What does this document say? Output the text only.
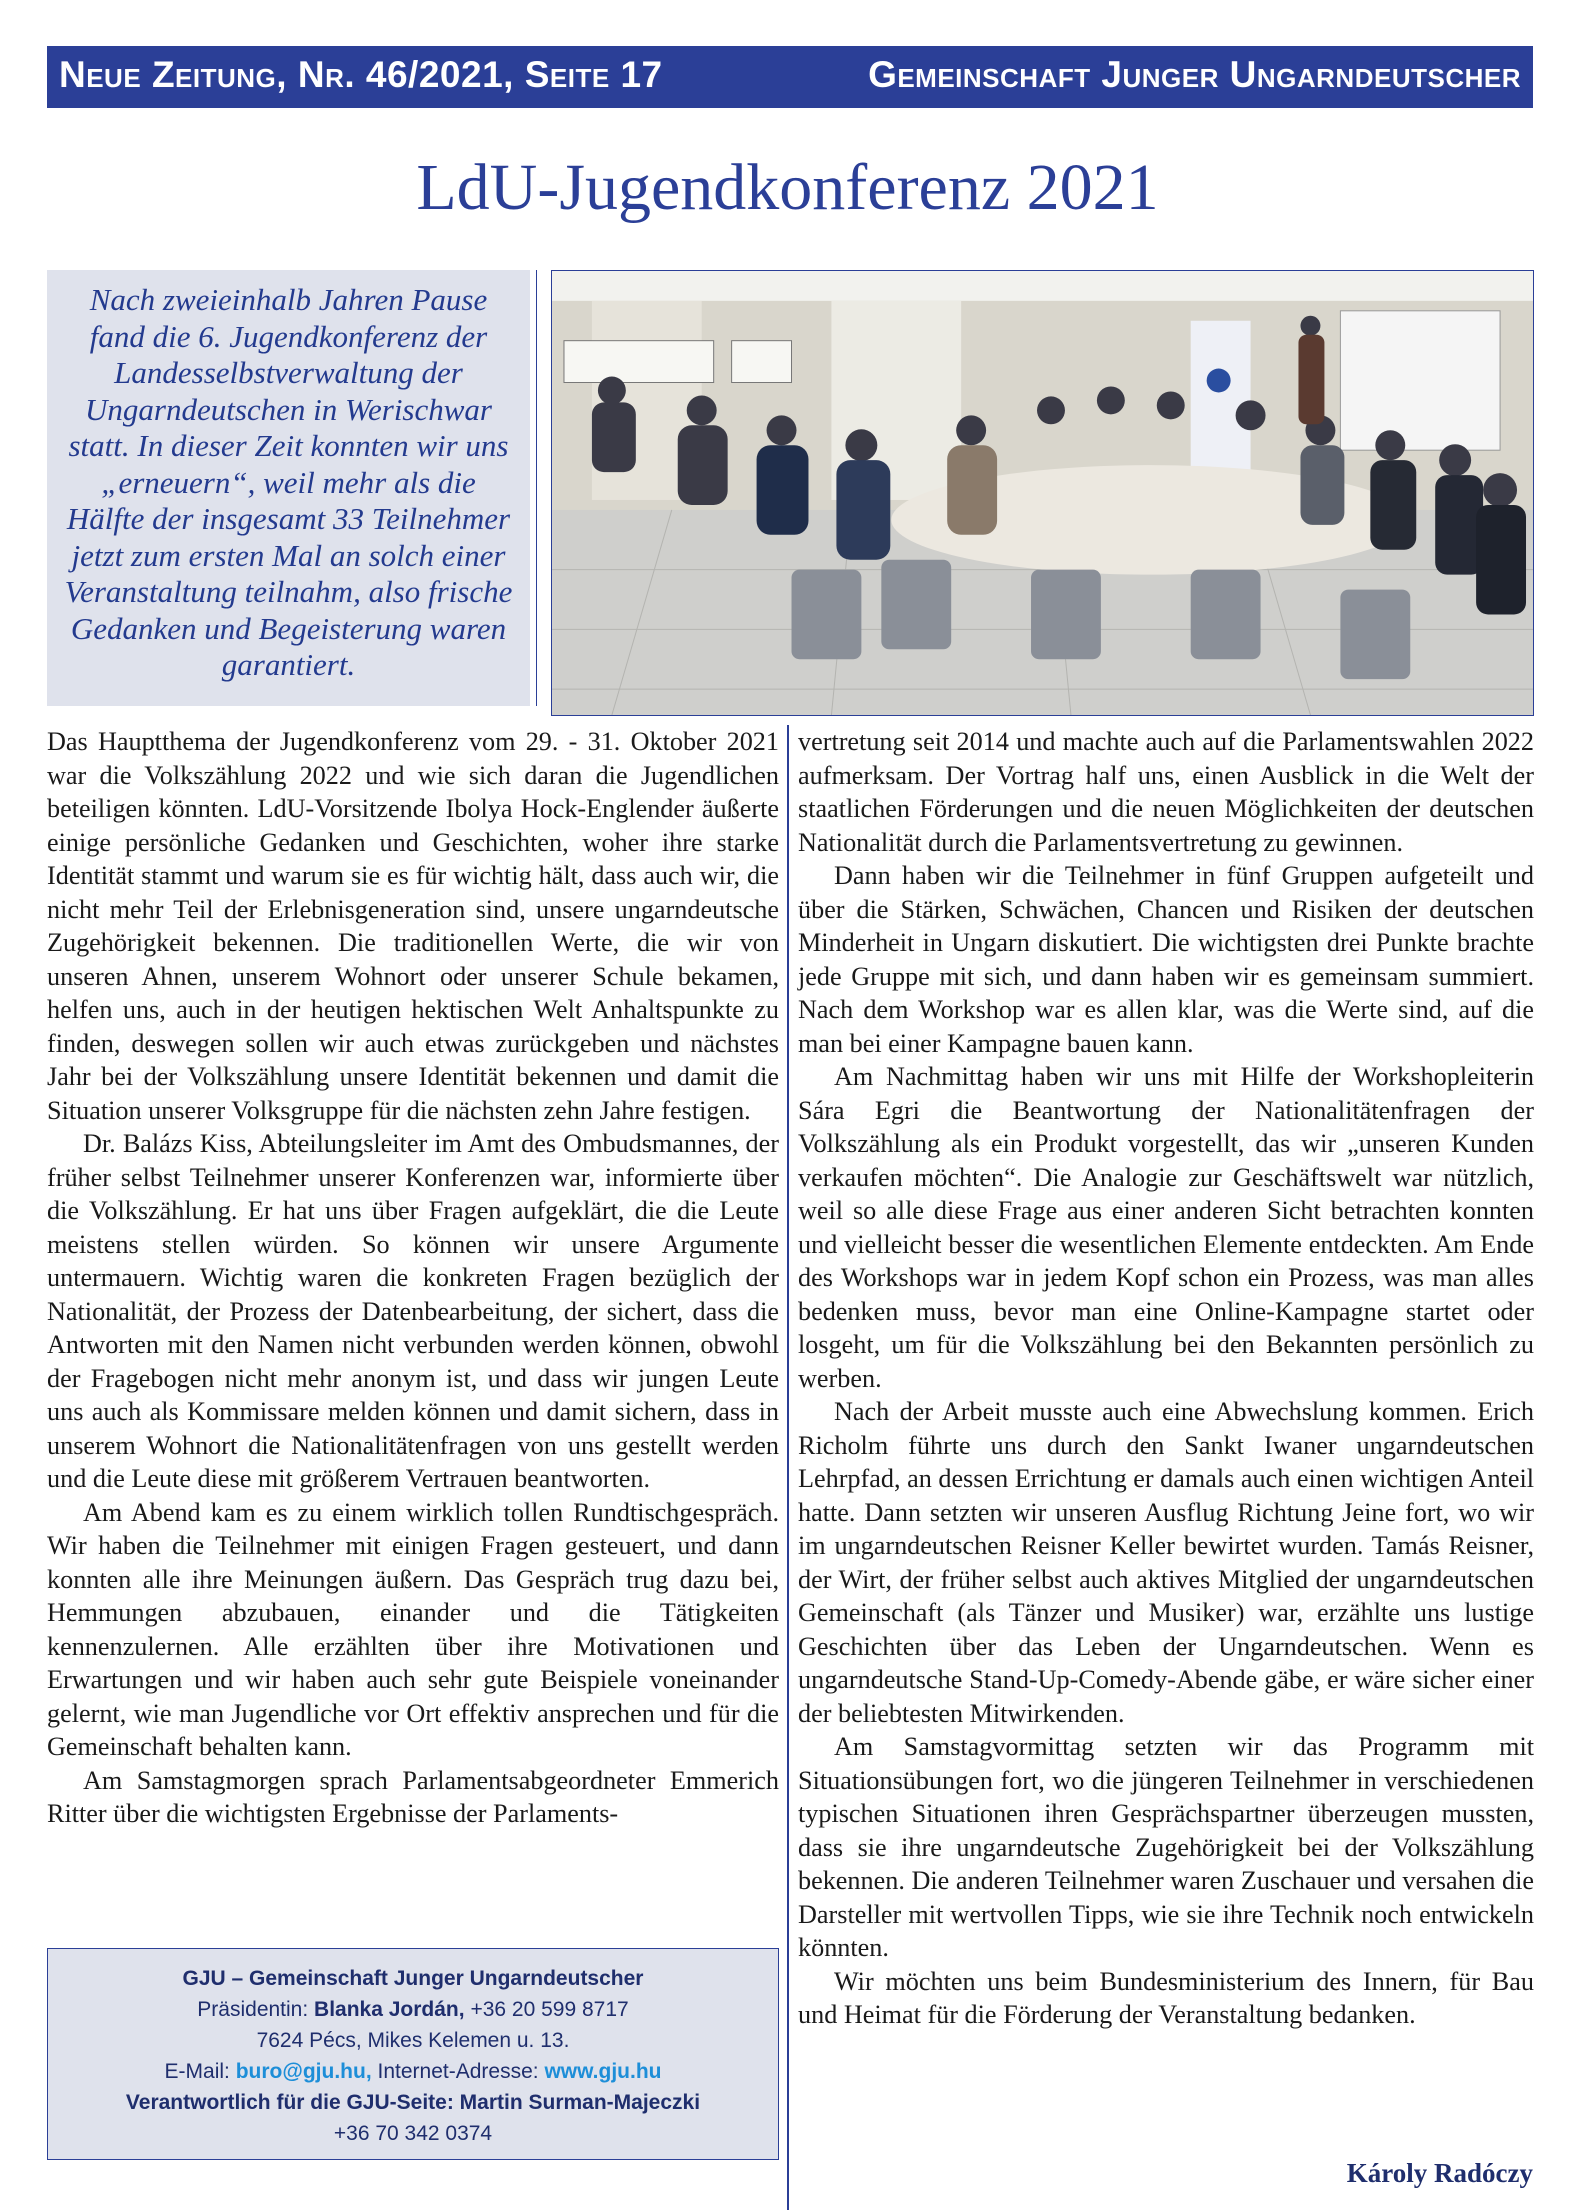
Neue Zeitung, Nr. 46/2021, Seite 17	Gemeinschaft Junger Ungarndeutscher
LdU-Jugendkonferenz 2021
Nach zweieinhalb Jahren Pause fand die 6. Jugendkonferenz der Landesselbstverwaltung der Ungarndeutschen in Werischwar statt. In dieser Zeit konnten wir uns „erneuern“, weil mehr als die Hälfte der insgesamt 33 Teilnehmer jetzt zum ersten Mal an solch einer Veranstaltung teilnahm, also frische Gedanken und Begeisterung waren garantiert.

Das Hauptthema der Jugendkonferenz vom 29. - 31. Oktober 2021 war die Volkszählung 2022 und wie sich daran die Jugendlichen beteiligen könnten. LdU-Vorsitzende Ibolya Hock-Englender äußerte einige persönliche Gedanken und Geschichten, woher ihre starke Identität stammt und warum sie es für wichtig hält, dass auch wir, die nicht mehr Teil der Erlebnisgeneration sind, unsere ungarndeutsche Zugehörigkeit bekennen. Die traditionellen Werte, die wir von unseren Ahnen, unserem Wohnort oder unserer Schule bekamen, helfen uns, auch in der heutigen hektischen Welt Anhaltspunkte zu finden, deswegen sollen wir auch etwas zurückgeben und nächstes Jahr bei der Volkszählung unsere Identität bekennen und damit die Situation unserer Volksgruppe für die nächsten zehn Jahre festigen.

Dr. Balázs Kiss, Abteilungsleiter im Amt des Ombudsmannes, der früher selbst Teilnehmer unserer Konferenzen war, informierte über die Volkszählung. Er hat uns über Fragen aufgeklärt, die die Leute meistens stellen würden. So können wir unsere Argumente untermauern. Wichtig waren die konkreten Fragen bezüglich der Nationalität, der Prozess der Datenbearbeitung, der sichert, dass die Antworten mit den Namen nicht verbunden werden können, obwohl der Fragebogen nicht mehr anonym ist, und dass wir jungen Leute uns auch als Kommissare melden können und damit sichern, dass in unserem Wohnort die Nationalitätenfragen von uns gestellt werden und die Leute diese mit größerem Vertrauen beantworten.

Am Abend kam es zu einem wirklich tollen Rundtischgespräch. Wir haben die Teilnehmer mit einigen Fragen gesteuert, und dann konnten alle ihre Meinungen äußern. Das Gespräch trug dazu bei, Hemmungen abzubauen, einander und die Tätigkeiten kennenzulernen. Alle erzählten über ihre Motivationen und Erwartungen und wir haben auch sehr gute Beispiele voneinander gelernt, wie man Jugendliche vor Ort effektiv ansprechen und für die Gemeinschaft behalten kann.

Am Samstagmorgen sprach Parlamentsabgeordneter Emmerich Ritter über die wichtigsten Ergebnisse der Parlaments-

vertretung seit 2014 und machte auch auf die Parlamentswahlen 2022 aufmerksam. Der Vortrag half uns, einen Ausblick in die Welt der staatlichen Förderungen und die neuen Möglichkeiten der deutschen Nationalität durch die Parlamentsvertretung zu gewinnen.

Dann haben wir die Teilnehmer in fünf Gruppen aufgeteilt und über die Stärken, Schwächen, Chancen und Risiken der deutschen Minderheit in Ungarn diskutiert. Die wichtigsten drei Punkte brachte jede Gruppe mit sich, und dann haben wir es gemeinsam summiert. Nach dem Workshop war es allen klar, was die Werte sind, auf die man bei einer Kampagne bauen kann.

Am Nachmittag haben wir uns mit Hilfe der Workshopleiterin Sára Egri die Beantwortung der Nationalitätenfragen der Volkszählung als ein Produkt vorgestellt, das wir „unseren Kunden verkaufen möchten“. Die Analogie zur Geschäftswelt war nützlich, weil so alle diese Frage aus einer anderen Sicht betrachten konnten und vielleicht besser die wesentlichen Elemente entdeckten. Am Ende des Workshops war in jedem Kopf schon ein Prozess, was man alles bedenken muss, bevor man eine Online-Kampagne startet oder losgeht, um für die Volkszählung bei den Bekannten persönlich zu werben.

Nach der Arbeit musste auch eine Abwechslung kommen. Erich Richolm führte uns durch den Sankt Iwaner ungarndeutschen Lehrpfad, an dessen Errichtung er damals auch einen wichtigen Anteil hatte. Dann setzten wir unseren Ausflug Richtung Jeine fort, wo wir im ungarndeutschen Reisner Keller bewirtet wurden. Tamás Reisner, der Wirt, der früher selbst auch aktives Mitglied der ungarndeutschen Gemeinschaft (als Tänzer und Musiker) war, erzählte uns lustige Geschichten über das Leben der Ungarndeutschen. Wenn es ungarndeutsche Stand-Up-Comedy-Abende gäbe, er wäre sicher einer der beliebtesten Mitwirkenden.

Am Samstagvormittag setzten wir das Programm mit Situationsübungen fort, wo die jüngeren Teilnehmer in verschiedenen typischen Situationen ihren Gesprächspartner überzeugen mussten, dass sie ihre ungarndeutsche Zugehörigkeit bei der Volkszählung bekennen. Die anderen Teilnehmer waren Zuschauer und versahen die Darsteller mit wertvollen Tipps, wie sie ihre Technik noch entwickeln könnten.

Wir möchten uns beim Bundesministerium des Innern, für Bau und Heimat für die Förderung der Veranstaltung bedanken.

GJU – Gemeinschaft Junger Ungarndeutscher
Präsidentin: Blanka Jordán, +36 20 599 8717
7624 Pécs, Mikes Kelemen u. 13.
E-Mail: buro@gju.hu, Internet-Adresse: www.gju.hu
Verantwortlich für die GJU-Seite: Martin Surman-Majeczki
+36 70 342 0374
Károly Radóczy
